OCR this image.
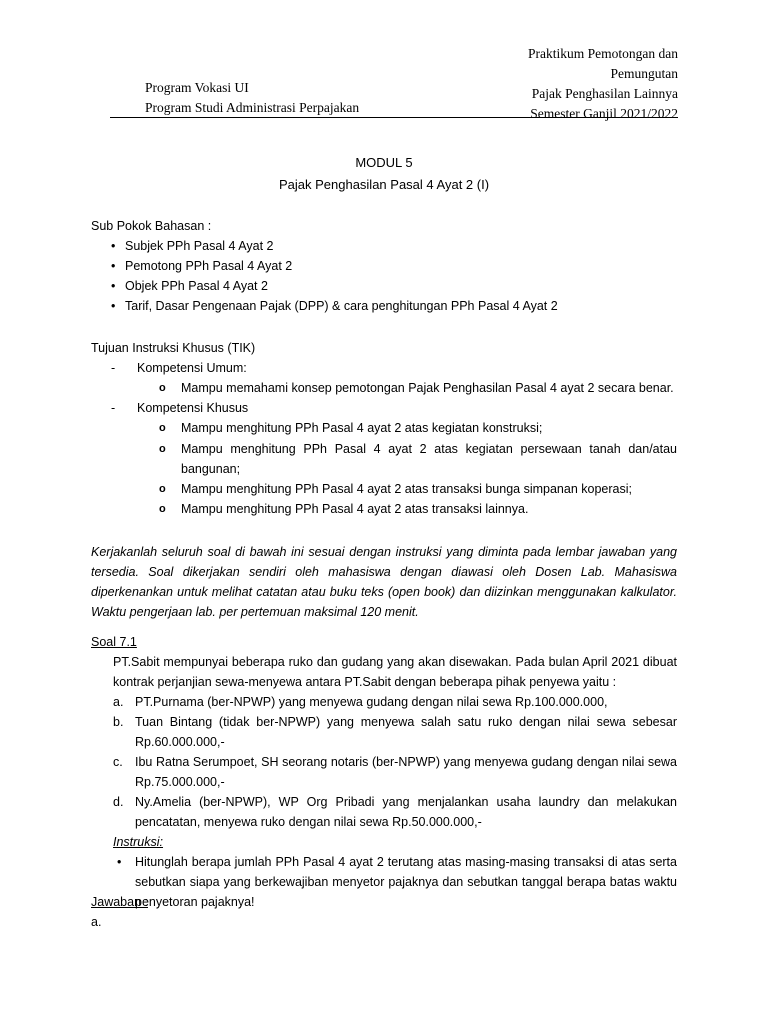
Program Vokasi UI
Program Studi Administrasi Perpajakan
Praktikum Pemotongan dan
Pemungutan
Pajak Penghasilan Lainnya
Semester Ganjil 2021/2022
MODUL 5
Pajak Penghasilan Pasal 4 Ayat 2 (I)
Sub Pokok Bahasan :
• Subjek PPh Pasal 4 Ayat 2
• Pemotong PPh Pasal 4 Ayat 2
• Objek PPh Pasal 4 Ayat 2
• Tarif, Dasar Pengenaan Pajak (DPP) & cara penghitungan PPh Pasal 4 Ayat 2
Tujuan Instruksi Khusus (TIK)
- Kompetensi Umum:
o Mampu memahami konsep pemotongan Pajak Penghasilan Pasal 4 ayat 2 secara benar.
- Kompetensi Khusus
o Mampu menghitung PPh Pasal 4 ayat 2 atas kegiatan konstruksi;
o Mampu menghitung PPh Pasal 4 ayat 2 atas kegiatan persewaan tanah dan/atau bangunan;
o Mampu menghitung PPh Pasal 4 ayat 2 atas transaksi bunga simpanan koperasi;
o Mampu menghitung PPh Pasal 4 ayat 2 atas transaksi lainnya.
Kerjakanlah seluruh soal di bawah ini sesuai dengan instruksi yang diminta pada lembar jawaban yang tersedia. Soal dikerjakan sendiri oleh mahasiswa dengan diawasi oleh Dosen Lab. Mahasiswa diperkenankan untuk melihat catatan atau buku teks (open book) dan diizinkan menggunakan kalkulator. Waktu pengerjaan lab. per pertemuan maksimal 120 menit.
Soal 7.1
PT.Sabit mempunyai beberapa ruko dan gudang yang akan disewakan. Pada bulan April 2021 dibuat kontrak perjanjian sewa-menyewa antara PT.Sabit dengan beberapa pihak penyewa yaitu :
a. PT.Purnama (ber-NPWP) yang menyewa gudang dengan nilai sewa Rp.100.000.000,
b. Tuan Bintang (tidak ber-NPWP) yang menyewa salah satu ruko dengan nilai sewa sebesar Rp.60.000.000,-
c. Ibu Ratna Serumpoet, SH seorang notaris (ber-NPWP) yang menyewa gudang dengan nilai sewa Rp.75.000.000,-
d. Ny.Amelia (ber-NPWP), WP Org Pribadi yang menjalankan usaha laundry dan melakukan pencatatan, menyewa ruko dengan nilai sewa Rp.50.000.000,-
Instruksi:
• Hitunglah berapa jumlah PPh Pasal 4 ayat 2 terutang atas masing-masing transaksi di atas serta sebutkan siapa yang berkewajiban menyetor pajaknya dan sebutkan tanggal berapa batas waktu penyetoran pajaknya!
Jawaban :
a.
